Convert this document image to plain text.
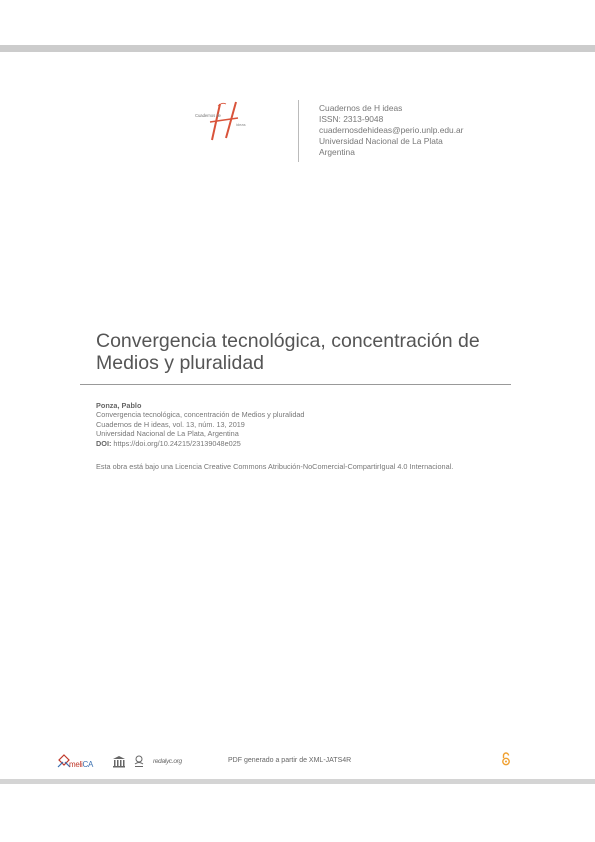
Cuadernos de
ideas
Cuadernos de H ideas
ISSN: 2313-9048
cuadernosdehideas@perio.unlp.edu.ar
Universidad Nacional de La Plata
Argentina
Convergencia tecnológica, concentración de Medios y pluralidad
Ponza, Pablo
Convergencia tecnológica, concentración de Medios y pluralidad
Cuadernos de H ideas, vol. 13, núm. 13, 2019
Universidad Nacional de La Plata, Argentina
DOI: https://doi.org/10.24215/23139048e025
Esta obra está bajo una Licencia Creative Commons Atribución-NoComercial-CompartirIgual 4.0 Internacional.
meliCA	redalyc.org	PDF generado a partir de XML-JATS4R
